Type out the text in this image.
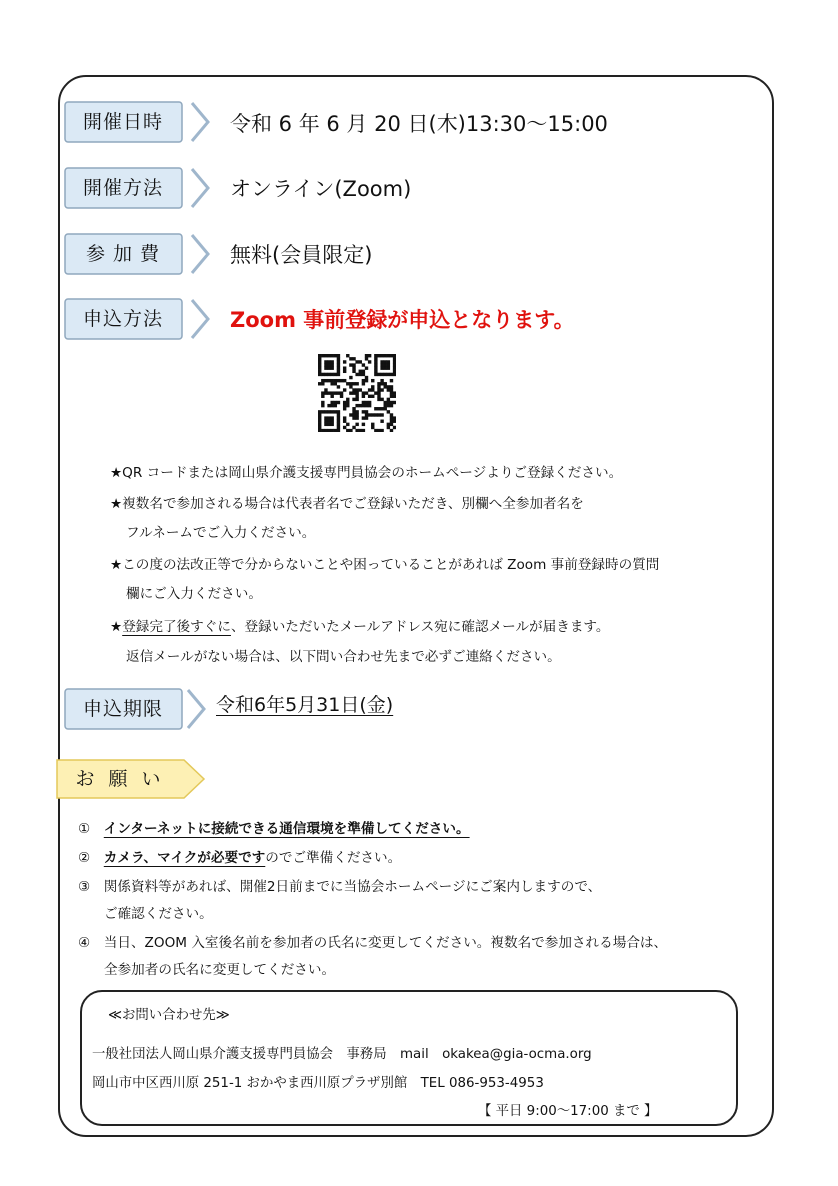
開催日時	令和 6 年 6 月 20 日(木)13:30～15:00
開催方法	オンライン(Zoom)
参 加 費	無料(会員限定)
申込方法	Zoom 事前登録が申込となります。
★QR コードまたは岡山県介護支援専門員協会のホームページよりご登録ください。
★複数名で参加される場合は代表者名でご登録いただき、別欄へ全参加者名を
フルネームでご入力ください。
★この度の法改正等で分からないことや困っていることがあれば Zoom 事前登録時の質問
欄にご入力ください。
★登録完了後すぐに、登録いただいたメールアドレス宛に確認メールが届きます。
返信メールがない場合は、以下問い合わせ先まで必ずご連絡ください。
申込期限	令和6年5月31日(金)
お 願 い
①　 インターネットに接続できる通信環境を準備してください。
②　 カメラ、マイクが必要ですのでご準備ください。
③　 関係資料等があれば、開催2日前までに当協会ホームページにご案内しますので、
ご確認ください。
④　 当日、ZOOM 入室後名前を参加者の氏名に変更してください。複数名で参加される場合は、
全参加者の氏名に変更してください。
≪お問い合わせ先≫
一般社団法人岡山県介護支援専門員協会　事務局　mail　okakea@gia-ocma.org
岡山市中区西川原 251-1 おかやま西川原プラザ別館　TEL 086-953-4953
【 平日 9:00～17:00 まで 】
